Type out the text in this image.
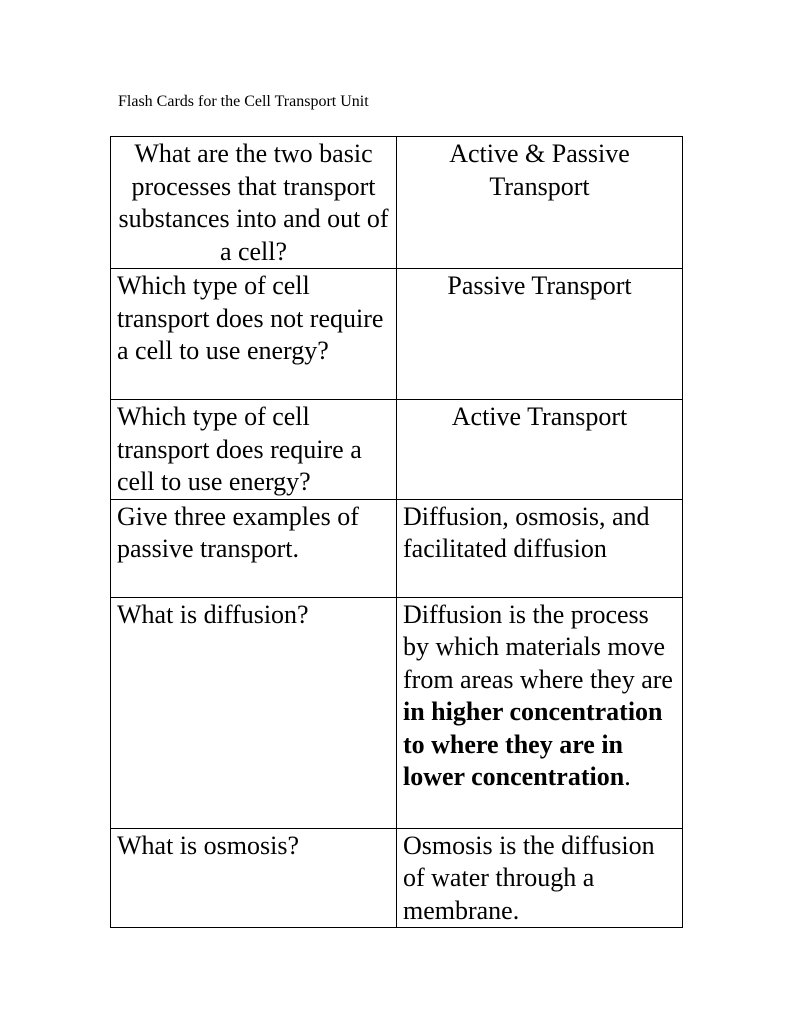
Flash Cards for the Cell Transport Unit
What are the two basic processes that transport substances into and out of a cell?	Active & Passive Transport
Which type of cell transport does not require a cell to use energy?	Passive Transport
Which type of cell transport does require a cell to use energy?	Active Transport
Give three examples of passive transport.	Diffusion, osmosis, and facilitated diffusion
What is diffusion?	Diffusion is the process by which materials move from areas where they are in higher concentration to where they are in lower concentration.
What is osmosis?	Osmosis is the diffusion of water through a membrane.
